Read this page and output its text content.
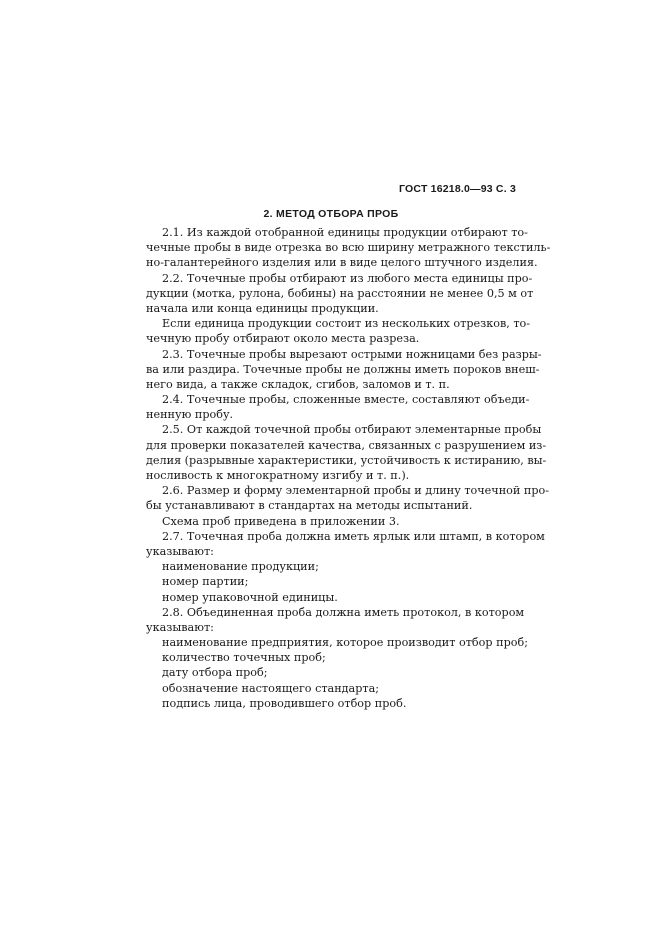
ГОСТ 16218.0—93 С. 3
2. МЕТОД ОТБОРА ПРОБ
2.1. Из каждой отобранной единицы продукции отбирают то-
чечные пробы в виде отрезка во всю ширину метражного текстиль-
но-галантерейного изделия или в виде целого штучного изделия.
2.2. Точечные пробы отбирают из любого места единицы про-
дукции (мотка, рулона, бобины) на расстоянии не менее 0,5 м от
начала или конца единицы продукции.
Если единица продукции состоит из нескольких отрезков, то-
чечную пробу отбирают около места разреза.
2.3. Точечные пробы вырезают острыми ножницами без разры-
ва или раздира. Точечные пробы не должны иметь пороков внеш-
него вида, а также складок, сгибов, заломов и т. п.
2.4. Точечные пробы, сложенные вместе, составляют объеди-
ненную пробу.
2.5. От каждой точечной пробы отбирают элементарные пробы
для проверки показателей качества, связанных с разрушением из-
делия (разрывные характеристики, устойчивость к истиранию, вы-
носливость к многократному изгибу и т. п.).
2.6. Размер и форму элементарной пробы и длину точечной про-
бы устанавливают в стандартах на методы испытаний.
Схема проб приведена в приложении 3.
2.7. Точечная проба должна иметь ярлык или штамп, в котором
указывают:
наименование продукции;
номер партии;
номер упаковочной единицы.
2.8. Объединенная проба должна иметь протокол, в котором
указывают:
наименование предприятия, которое производит отбор проб;
количество точечных проб;
дату отбора проб;
обозначение настоящего стандарта;
подпись лица, проводившего отбор проб.
